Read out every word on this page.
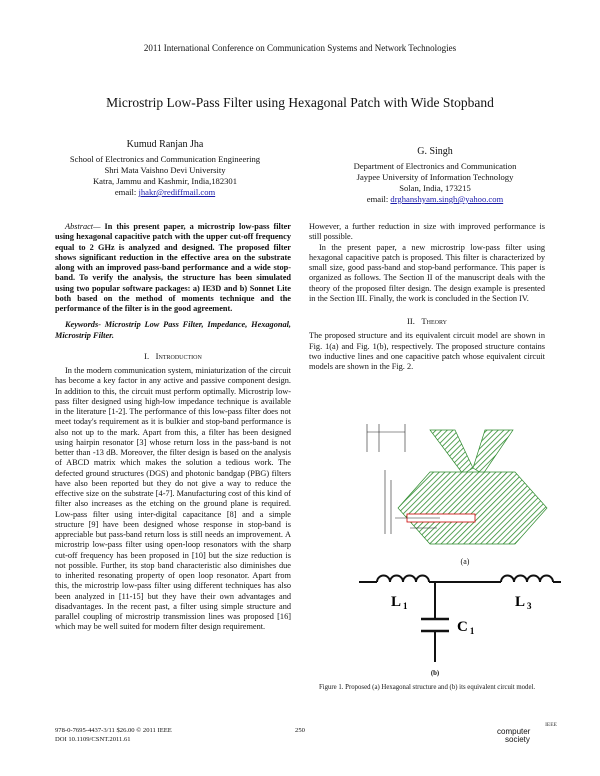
2011 International Conference on Communication Systems and Network Technologies
Microstrip Low-Pass Filter using Hexagonal Patch with Wide Stopband
Kumud Ranjan Jha
School of Electronics and Communication Engineering
Shri Mata Vaishno Devi University
Katra, Jammu and Kashmir, India,182301
email: jhakr@rediffmail.com
G. Singh
Department of Electronics and Communication
Jaypee University of Information Technology
Solan, India, 173215
email: drghanshyam.singh@yahoo.com

Abstract— In this present paper, a microstrip low-pass filter using hexagonal capacitive patch with the upper cut-off frequency equal to 2 GHz is analyzed and designed. The proposed filter shows significant reduction in the effective area on the substrate along with an improved pass-band performance and a wide stop-band. To verify the analysis, the structure has been simulated using two popular software packages: a) IE3D and b) Sonnet Lite both based on the method of moments technique and the performance of the filter is in the good agreement.

Keywords- Microstrip Low Pass Filter, Impedance, Hexagonal, Microstrip Filter.

I. Introduction

In the modern communication system, miniaturization of the circuit has become a key factor in any active and passive component design. In addition to this, the circuit must perform optimally. Microstrip low-pass filter designed using high-low impedance technique is available in the literature [1-2]. The performance of this low-pass filter does not meet today's requirement as it is bulkier and stop-band performance is also not up to the mark. Apart from this, a filter has been designed using hairpin resonator [3] whose return loss in the pass-band is not better than -13 dB. Moreover, the filter design is based on the analysis of ABCD matrix which makes the solution a tedious work. The defected ground structures (DGS) and photonic bandgap (PBG) filters have also been reported but they do not give a way to reduce the effective size on the substrate [4-7]. Manufacturing cost of this kind of filter also increases as the etching on the ground plane is required. Low-pass filter using inter-digital capacitance [8] and a simple structure [9] have been designed whose response in stop-band is appreciable but pass-band return loss is still needs an improvement. A microstrip low-pass filter using open-loop resonators with the sharp cut-off frequency has been proposed in [10] but the size reduction is not possible. Further, its stop band characteristic also diminishes due to inherited resonating property of open loop resonator. Apart from this, the microstrip low-pass filter using different techniques has also been analyzed in [11-15] but they have their own advantages and disadvantages. In the recent past, a filter using simple structure and parallel coupling of microstrip transmission lines was proposed [16] which may be well suited for modern filter design requirement.

However, a further reduction in size with improved performance is still possible.

In the present paper, a new microstrip low-pass filter using hexagonal capacitive patch is proposed. This filter is characterized by small size, good pass-band and stop-band performance. This paper is organized as follows. The Section II of the manuscript deals with the theory of the proposed filter design. The design example is presented in the Section III. Finally, the work is concluded in the Section IV.

II. Theory

The proposed structure and its equivalent circuit model are shown in Fig. 1(a) and Fig. 1(b), respectively. The proposed structure contains two inductive lines and one capacitive patch whose equivalent circuit models are shown in the Fig. 2.

(a)
L $_1$	L $_3$
C $_1$
(b)
Figure 1. Proposed (a) Hexagonal structure and (b) its equivalent circuit model.
978-0-7695-4437-3/11 $26.00 © 2011 IEEE
DOI 10.1109/CSNT.2011.61
250
IEEE
computer
society
